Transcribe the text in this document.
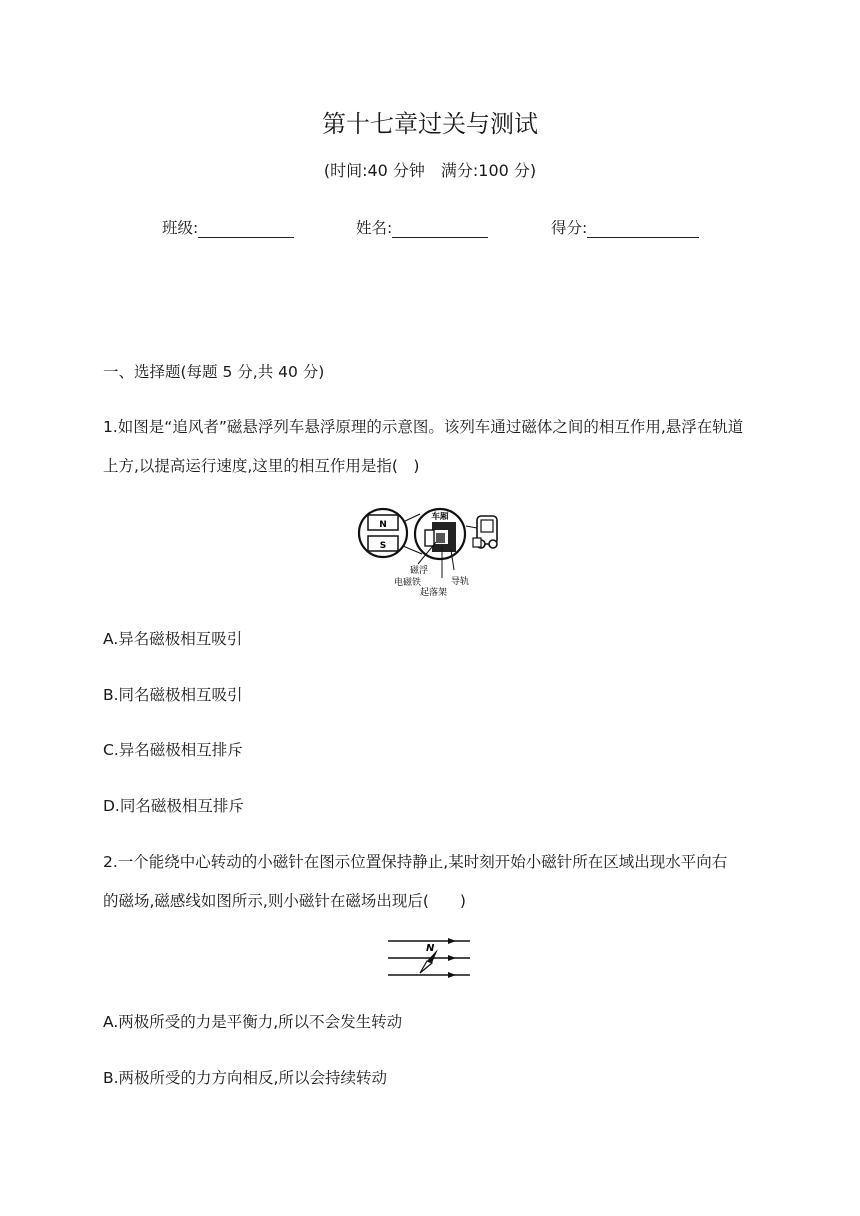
第十七章过关与测试
(时间:40 分钟　满分:100 分)
班级:	姓名:	得分:
一、选择题(每题 5 分,共 40 分)
1.如图是“追风者”磁悬浮列车悬浮原理的示意图。该列车通过磁体之间的相互作用,悬浮在轨道
上方,以提高运行速度,这里的相互作用是指(　)
N
S
车厢
磁浮
电磁铁	导轨
起落架
A.异名磁极相互吸引
B.同名磁极相互吸引
C.异名磁极相互排斥
D.同名磁极相互排斥
2.一个能绕中心转动的小磁针在图示位置保持静止,某时刻开始小磁针所在区域出现水平向右
的磁场,磁感线如图所示,则小磁针在磁场出现后(　　)
N
A.两极所受的力是平衡力,所以不会发生转动
B.两极所受的力方向相反,所以会持续转动
